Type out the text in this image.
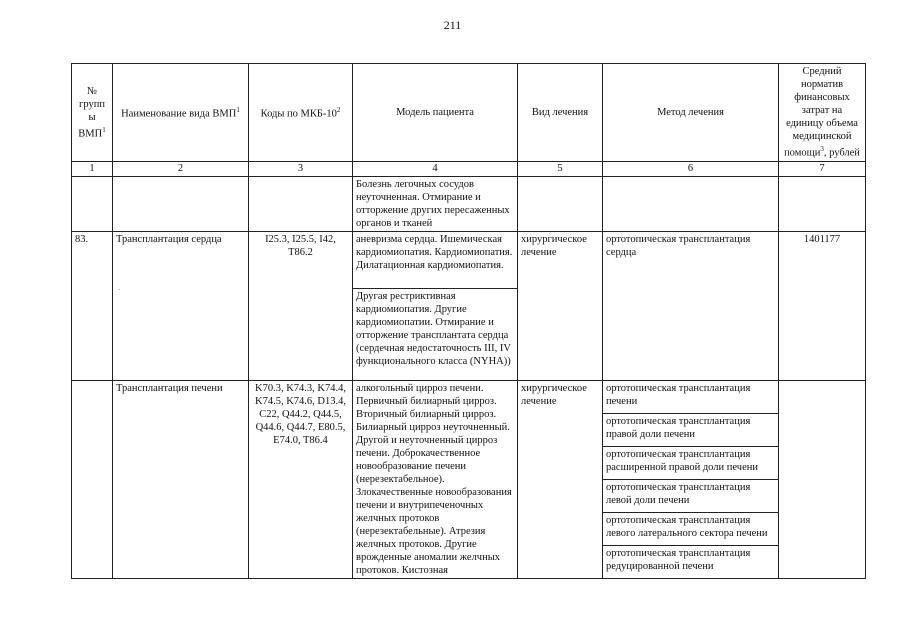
211
№ групп ы ВМП$^1$	Наименование вида ВМП$^1$	Коды по МКБ-$10^2$	Модель пациента	Вид лечения	Метод лечения	Средний норматив финансовых затрат на единицу объема медицинской помощи$^3$, рублей
1	2	3	4	5	6	7
			Болезнь легочных сосудов неуточненная. Отмирание и отторжение других пересаженных органов и тканей			
83.	Трансплантация сердца	I25.3, I25.5, I42, T86.2	аневризма сердца. Ишемическая кардиомиопатия. Кардиомиопатия. Дилатационная кардиомиопатия.	хирургическое лечение	ортотопическая трансплантация сердца	1401177
			Другая рестриктивная кардиомиопатия. Другие кардиомиопатии. Отмирание и отторжение трансплантата сердца (сердечная недостаточность III, IV функционального класса (NYHA))			
	Трансплантация печени	K70.3, K74.3, K74.4, K74.5, K74.6, D13.4, C22, Q44.2, Q44.5, Q44.6, Q44.7, E80.5, E74.0, T86.4	алкогольный цирроз печени. Первичный билиарный цирроз. Вторичный билиарный цирроз. Билиарный цирроз неуточненный. Другой и неуточненный цирроз печени. Доброкачественное новообразование печени (нерезектабельное). Злокачественные новообразования печени и внутрипеченочных желчных протоков (нерезектабельные). Атрезия желчных протоков. Другие врожденные аномалии желчных протоков. Кистозная	хирургическое лечение	ортотопическая трансплантация печени	
					ортотопическая трансплантация правой доли печени	
					ортотопическая трансплантация расширенной правой доли печени	
					ортотопическая трансплантация левой доли печени	
					ортотопическая трансплантация левого латерального сектора печени	
					ортотопическая трансплантация редуцированной печени	
.
